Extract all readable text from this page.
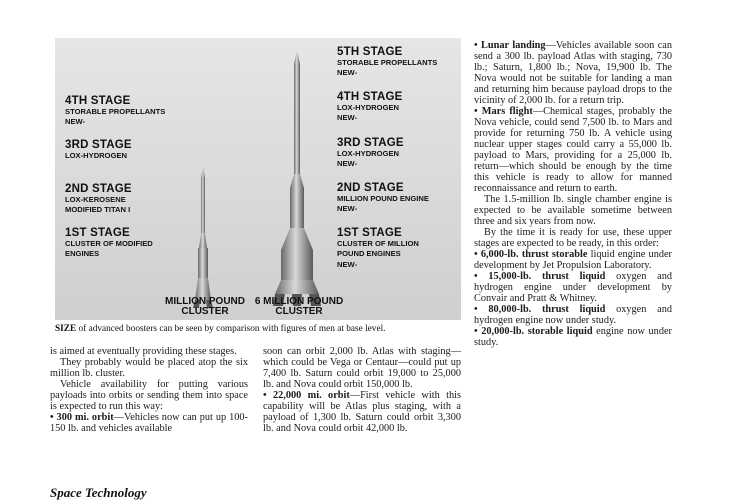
4TH STAGE
STORABLE PROPELLANTS
NEW-
3RD STAGE
LOX-HYDROGEN
2ND STAGE
LOX-KEROSENE
MODIFIED TITAN I
1ST STAGE
CLUSTER OF MODIFIED
ENGINES
5TH STAGE
STORABLE PROPELLANTS
NEW-
4TH STAGE
LOX-HYDROGEN
NEW-
3RD STAGE
LOX-HYDROGEN
NEW-
2ND STAGE
MILLION POUND ENGINE
NEW-
1ST STAGE
CLUSTER OF MILLION
POUND ENGINES
NEW-
MILLION POUND
CLUSTER
6 MILLION POUND
CLUSTER
SIZE of advanced boosters can be seen by comparison with figures of men at base level.

is aimed at eventually providing these stages.

They probably would be placed atop the six million lb. cluster.

Vehicle availability for putting various payloads into orbits or sending them into space is expected to run this way:

• 300 mi. orbit—Vehicles now can put up 100-150 lb. and vehicles available

soon can orbit 2,000 lb. Atlas with staging—which could be Vega or Centaur—could put up 7,400 lb. Saturn could orbit 19,000 to 25,000 lb. and Nova could orbit 150,000 lb.

• 22,000 mi. orbit—First vehicle with this capability will be Atlas plus staging, with a payload of 1,300 lb. Saturn could orbit 3,300 lb. and Nova could orbit 42,000 lb.

• Lunar landing—Vehicles available soon can send a 300 lb. payload Atlas with staging, 730 lb.; Saturn, 1,800 lb.; Nova, 19,900 lb. The Nova would not be suitable for landing a man and returning him because payload drops to the vicinity of 2,000 lb. for a return trip.

• Mars flight—Chemical stages, probably the Nova vehicle, could send 7,500 lb. to Mars and provide for returning 750 lb. A vehicle using nuclear upper stages could carry a 55,000 lb. payload to Mars, providing for a 25,000 lb. return—which should be enough by the time this vehicle is ready to allow for manned reconnaissance and return to earth.

The 1.5-million lb. single chamber engine is expected to be available sometime between three and six years from now.

By the time it is ready for use, these upper stages are expected to be ready, in this order:

• 6,000-lb. thrust storable liquid engine under development by Jet Propulsion Laboratory.

• 15,000-lb. thrust liquid oxygen and hydrogen engine under development by Convair and Pratt & Whitney.

• 80,000-lb. thrust liquid oxygen and hydrogen engine now under study.

• 20,000-lb. storable liquid engine now under study.

Space Technology
